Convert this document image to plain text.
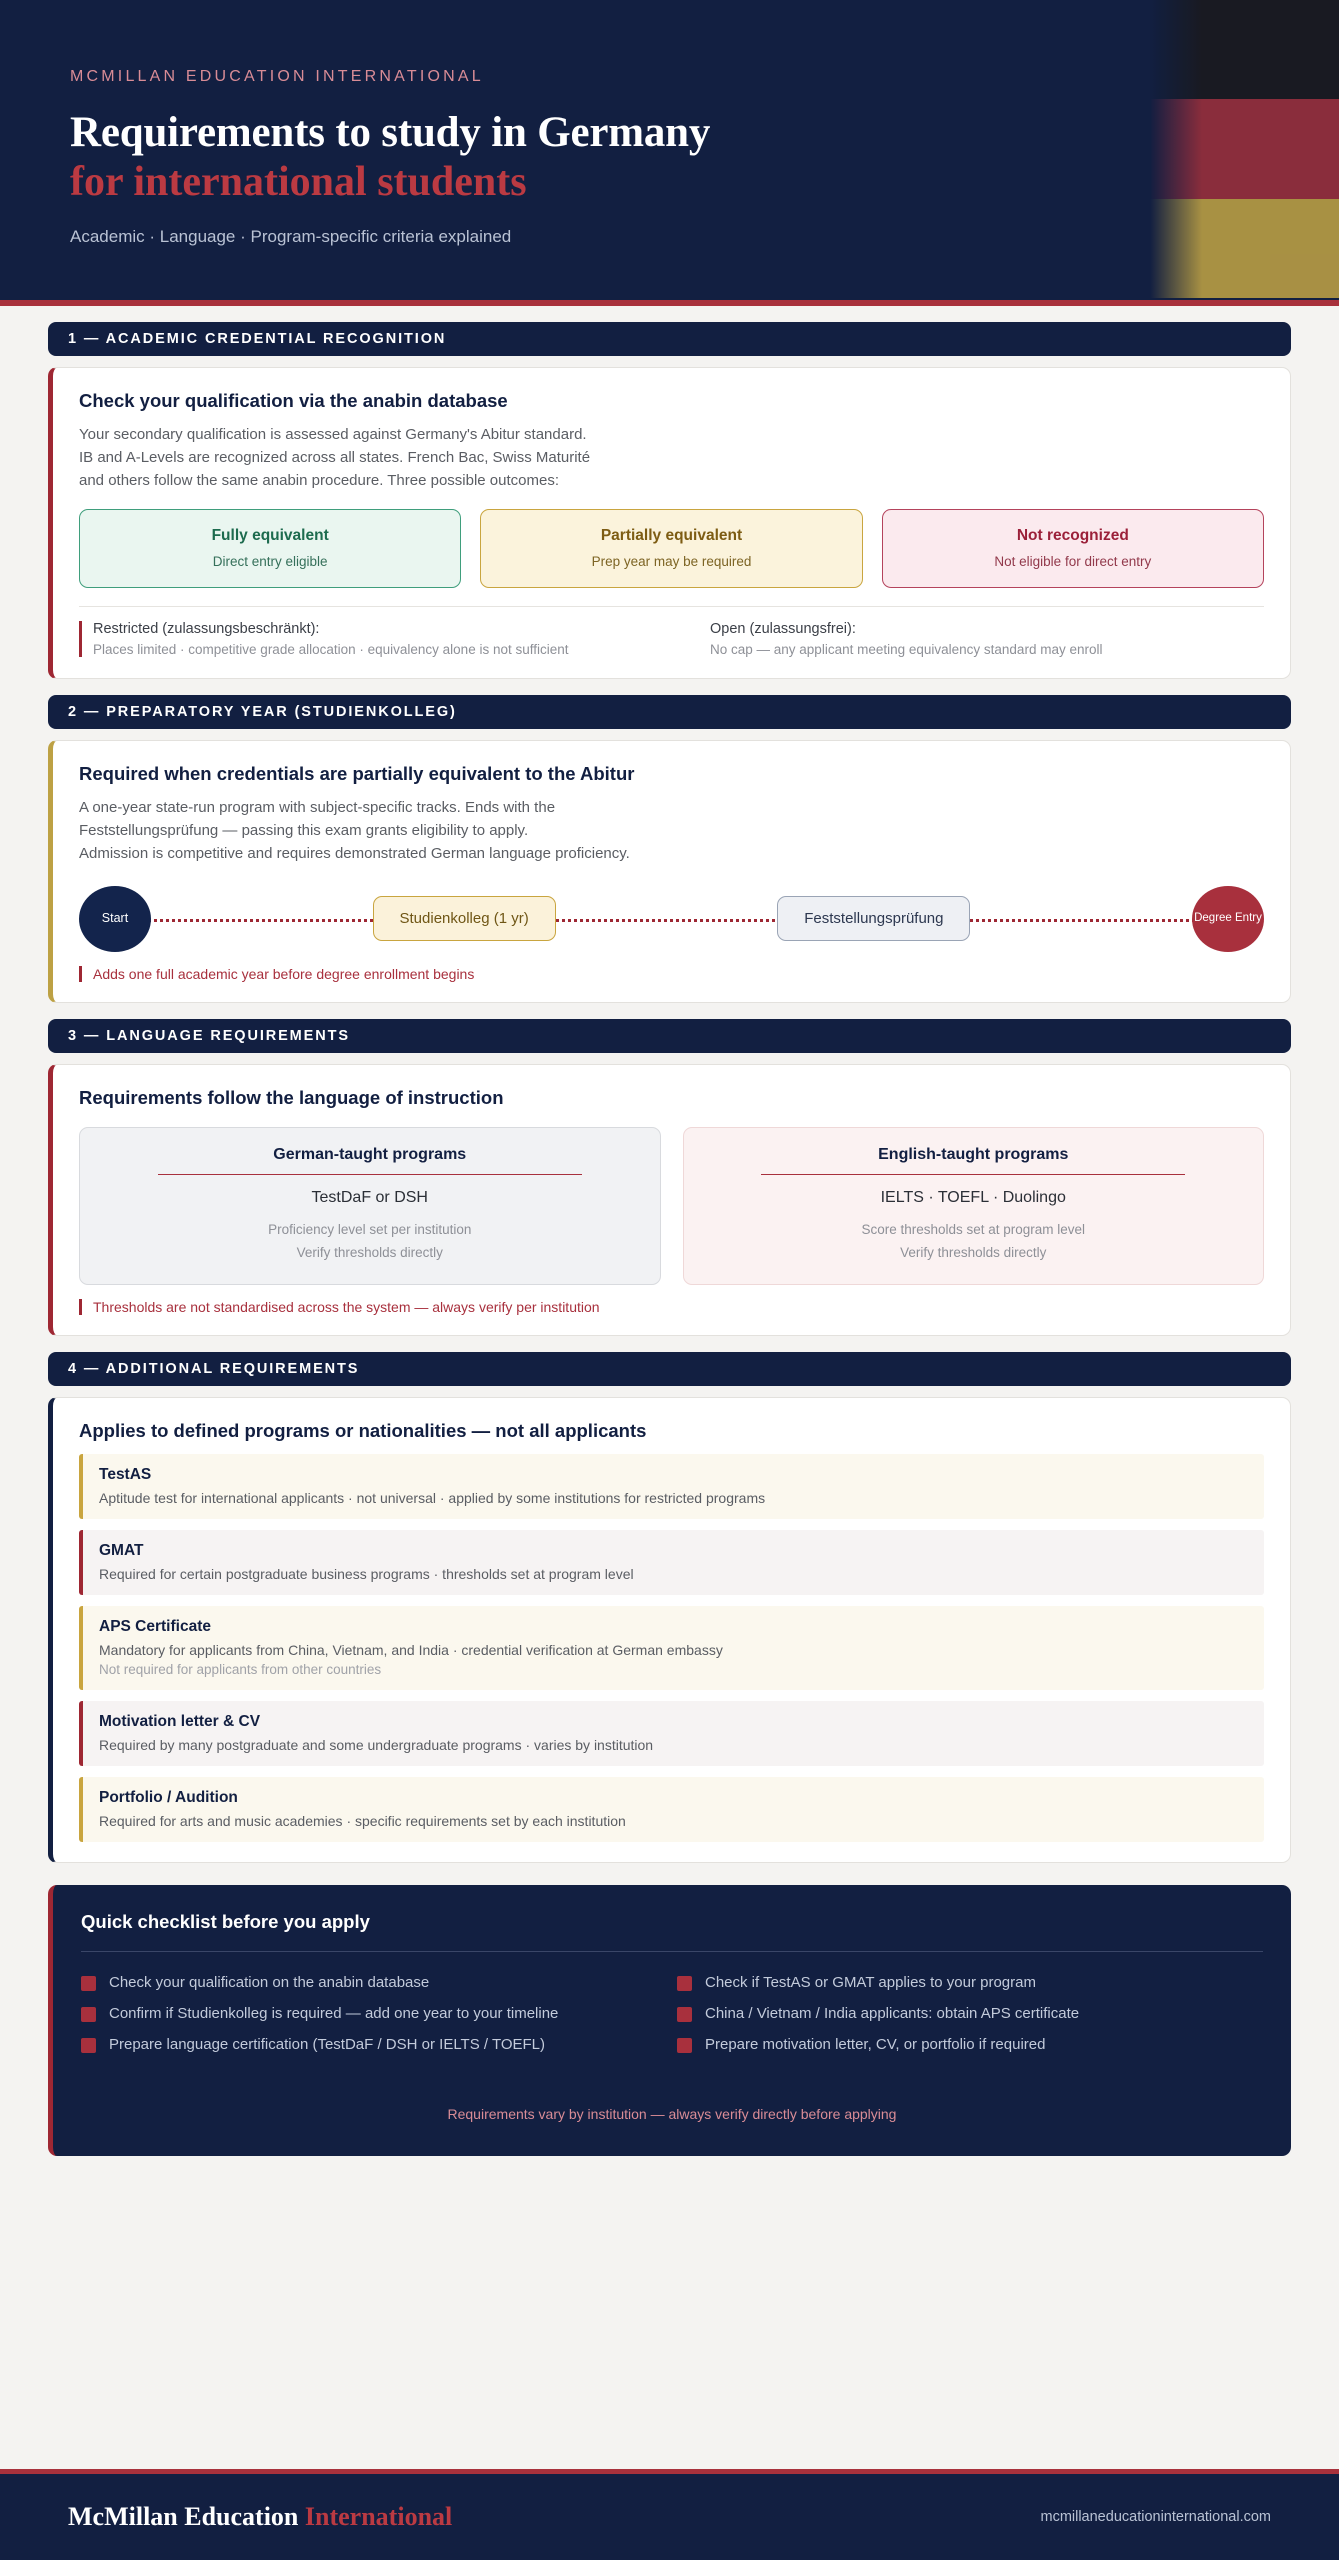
MCMILLAN EDUCATION INTERNATIONAL
Requirements to study in Germany
for international students
Academic · Language · Program-specific criteria explained
1 — ACADEMIC CREDENTIAL RECOGNITION
Check your qualification via the anabin database
Your secondary qualification is assessed against Germany's Abitur standard.
IB and A-Levels are recognized across all states. French Bac, Swiss Maturité
and others follow the same anabin procedure. Three possible outcomes:
Fully equivalent
Direct entry eligible
Partially equivalent
Prep year may be required
Not recognized
Not eligible for direct entry
Restricted (zulassungsbeschränkt):
Places limited · competitive grade allocation · equivalency alone is not sufficient
Open (zulassungsfrei):
No cap — any applicant meeting equivalency standard may enroll
2 — PREPARATORY YEAR (STUDIENKOLLEG)
Required when credentials are partially equivalent to the Abitur
A one-year state-run program with subject-specific tracks. Ends with the
Feststellungsprüfung — passing this exam grants eligibility to apply.
Admission is competitive and requires demonstrated German language proficiency.
Start	Studienkolleg (1 yr)	Feststellungsprüfung	Degree Entry
Adds one full academic year before degree enrollment begins
3 — LANGUAGE REQUIREMENTS
Requirements follow the language of instruction
German-taught programs
TestDaF or DSH
Proficiency level set per institution
Verify thresholds directly
English-taught programs
IELTS · TOEFL · Duolingo
Score thresholds set at program level
Verify thresholds directly
Thresholds are not standardised across the system — always verify per institution
4 — ADDITIONAL REQUIREMENTS
Applies to defined programs or nationalities — not all applicants
TestAS
Aptitude test for international applicants · not universal · applied by some institutions for restricted programs
GMAT
Required for certain postgraduate business programs · thresholds set at program level
APS Certificate
Mandatory for applicants from China, Vietnam, and India · credential verification at German embassy
Not required for applicants from other countries
Motivation letter & CV
Required by many postgraduate and some undergraduate programs · varies by institution
Portfolio / Audition
Required for arts and music academies · specific requirements set by each institution
Quick checklist before you apply
Check your qualification on the anabin database
Confirm if Studienkolleg is required — add one year to your timeline
Prepare language certification (TestDaF / DSH or IELTS / TOEFL)
Check if TestAS or GMAT applies to your program
China / Vietnam / India applicants: obtain APS certificate
Prepare motivation letter, CV, or portfolio if required
Requirements vary by institution — always verify directly before applying
McMillan Education International	mcmillaneducationinternational.com
